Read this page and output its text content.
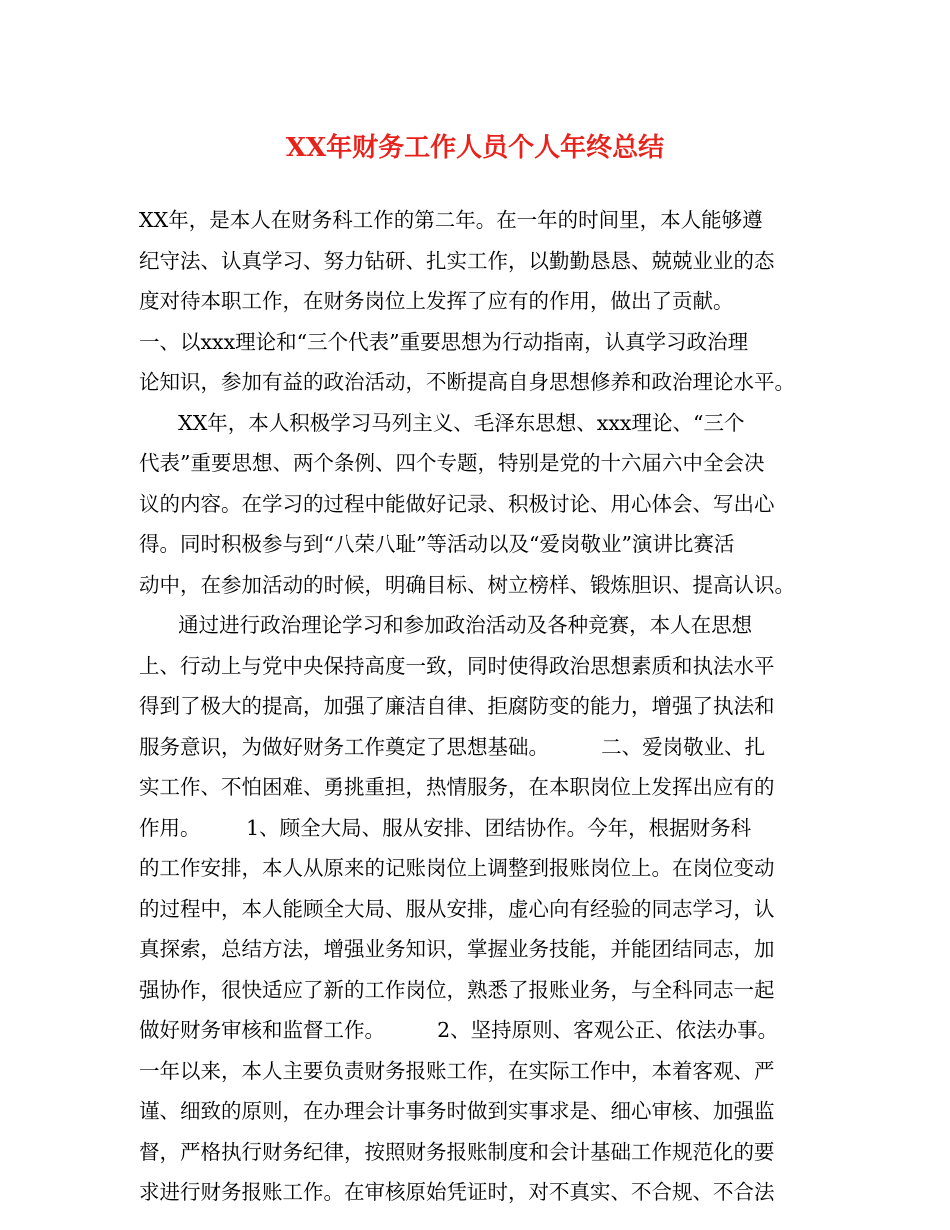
XX年财务工作人员个人年终总结
XX年，是本人在财务科工作的第二年。在一年的时间里，本人能够遵
纪守法、认真学习、努力钻研、扎实工作，以勤勤恳恳、兢兢业业的态
度对待本职工作，在财务岗位上发挥了应有的作用，做出了贡献。
一、以xxx理论和“三个代表”重要思想为行动指南，认真学习政治理
论知识，参加有益的政治活动，不断提高自身思想修养和政治理论水平。
XX年，本人积极学习马列主义、毛泽东思想、xxx理论、“三个
代表”重要思想、两个条例、四个专题，特别是党的十六届六中全会决
议的内容。在学习的过程中能做好记录、积极讨论、用心体会、写出心
得。同时积极参与到“八荣八耻”等活动以及“爱岗敬业”演讲比赛活
动中，在参加活动的时候，明确目标、树立榜样、锻炼胆识、提高认识。
通过进行政治理论学习和参加政治活动及各种竞赛，本人在思想
上、行动上与党中央保持高度一致，同时使得政治思想素质和执法水平
得到了极大的提高，加强了廉洁自律、拒腐防变的能力，增强了执法和
服务意识，为做好财务工作奠定了思想基础。        二、爱岗敬业、扎
实工作、不怕困难、勇挑重担，热情服务，在本职岗位上发挥出应有的
作用。       1、顾全大局、服从安排、团结协作。今年，根据财务科
的工作安排，本人从原来的记账岗位上调整到报账岗位上。在岗位变动
的过程中，本人能顾全大局、服从安排，虚心向有经验的同志学习，认
真探索，总结方法，增强业务知识，掌握业务技能，并能团结同志，加
强协作，很快适应了新的工作岗位，熟悉了报账业务，与全科同志一起
做好财务审核和监督工作。        2、坚持原则、客观公正、依法办事。
一年以来，本人主要负责财务报账工作，在实际工作中，本着客观、严
谨、细致的原则，在办理会计事务时做到实事求是、细心审核、加强监
督，严格执行财务纪律，按照财务报账制度和会计基础工作规范化的要
求进行财务报账工作。在审核原始凭证时，对不真实、不合规、不合法
